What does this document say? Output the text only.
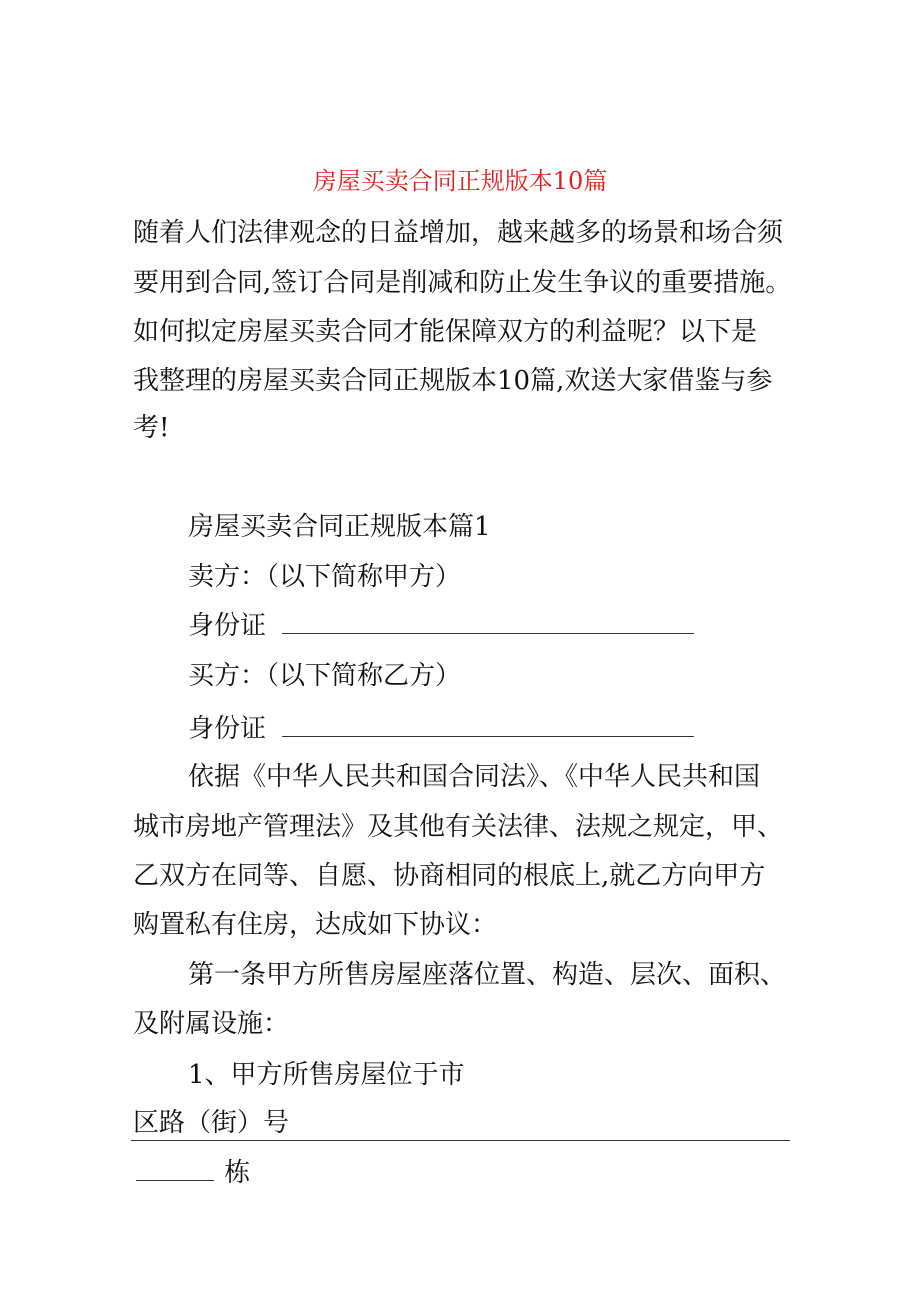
房屋买卖合同正规版本10篇
随着人们法律观念的日益增加，越来越多的场景和场合须
要用到合同,签订合同是削减和防止发生争议的重要措施。
如何拟定房屋买卖合同才能保障双方的利益呢？以下是
我整理的房屋买卖合同正规版本10篇,欢送大家借鉴与参
考!
房屋买卖合同正规版本篇1
卖方：（以下简称甲方）
身份证
买方：（以下简称乙方）
身份证
依据《中华人民共和国合同法》、《中华人民共和国
城市房地产管理法》及其他有关法律、法规之规定，甲、
乙双方在同等、自愿、协商相同的根底上,就乙方向甲方
购置私有住房，达成如下协议：
第一条甲方所售房屋座落位置、构造、层次、面积、
及附属设施：
1、甲方所售房屋位于市
区路（街）号
栋
